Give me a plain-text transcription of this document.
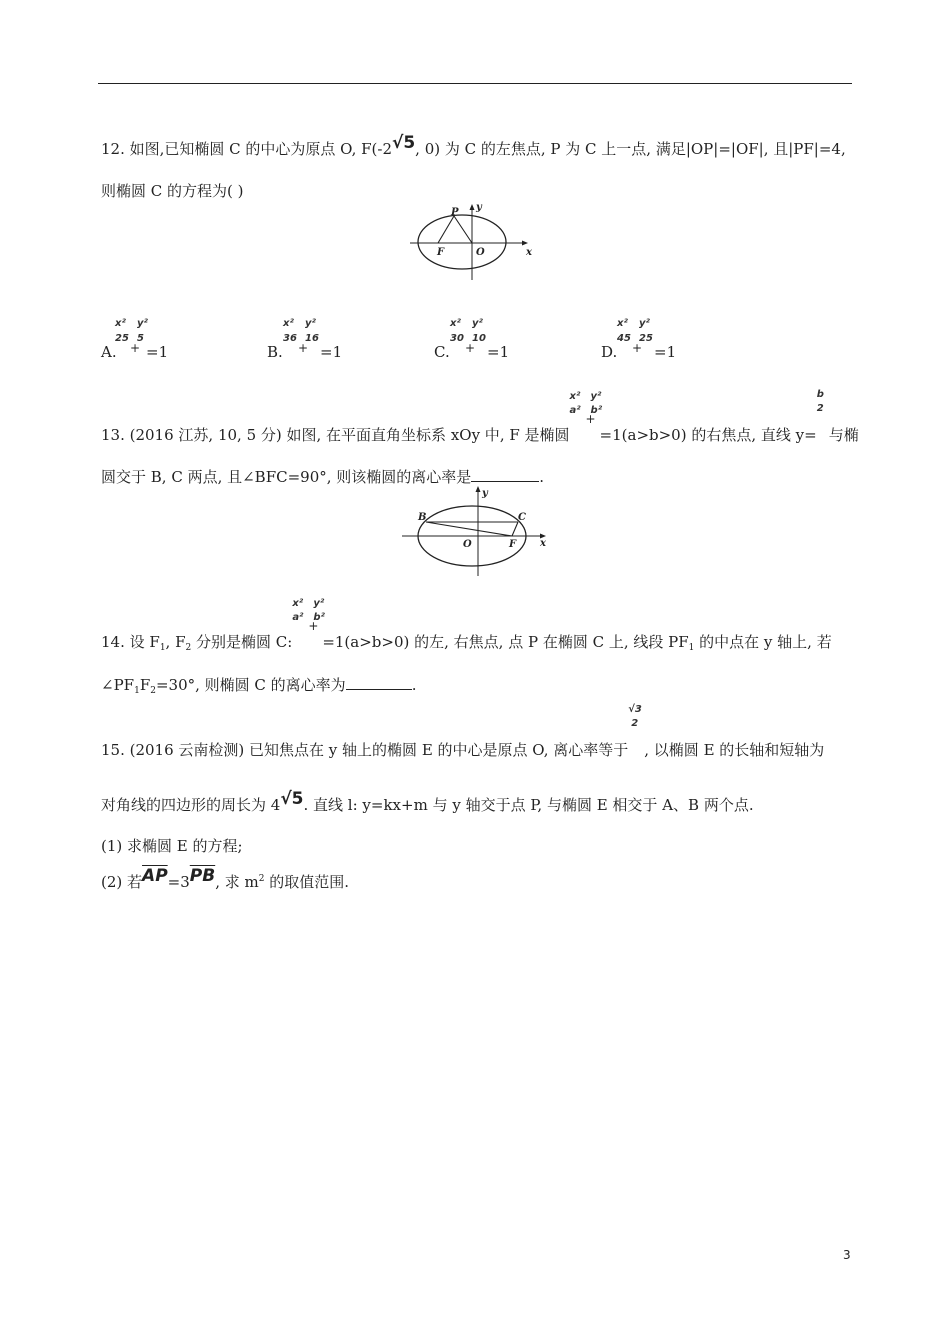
12. 如图,已知椭圆 C 的中心为原点 O, F(-2√5, 0) 为 C 的左焦点, P 为 C 上一点, 满足|OP|=|OF|, 且|PF|=4,
则椭圆 C 的方程为( )
P y
F	O	x
A.
x²
25
y²
5
+ =1	B.
x²
36
y²
16
+ =1	C.
x²
30
y²
10
+ =1	D.
x²
45
y²
25
+ =1
13. (2016 江苏, 10, 5 分) 如图, 在平面直角坐标系 xOy 中, F 是椭圆
x²
a²
+
y²
b²
=1(a>b>0) 的右焦点, 直线 y=
b
2
与椭
圆交于 B, C 两点, 且∠BFC=90°, 则该椭圆的离心率是	.
B	C
y
O	F x
14. 设 $F_1$, $F_2$ 分别是椭圆 C:
x²
a²
+
y²
b²
=1(a>b>0) 的左, 右焦点, 点 P 在椭圆 C 上, 线段 $PF_1$ 的中点在 y 轴上, 若
$\angle PF_1F_2=30^\circ$, 则椭圆 C 的离心率为	.
15. (2016 云南检测) 已知焦点在 y 轴上的椭圆 E 的中心是原点 O, 离心率等于
√3
2
, 以椭圆 E 的长轴和短轴为
对角线的四边形的周长为 4√5. 直线 l: y=kx+m 与 y 轴交于点 P, 与椭圆 E 相交于 A、B 两个点.
(1) 求椭圆 E 的方程;
(2) 若$\overline{AP}=3\overline{PB}$, 求 $m^2$ 的取值范围.
3
